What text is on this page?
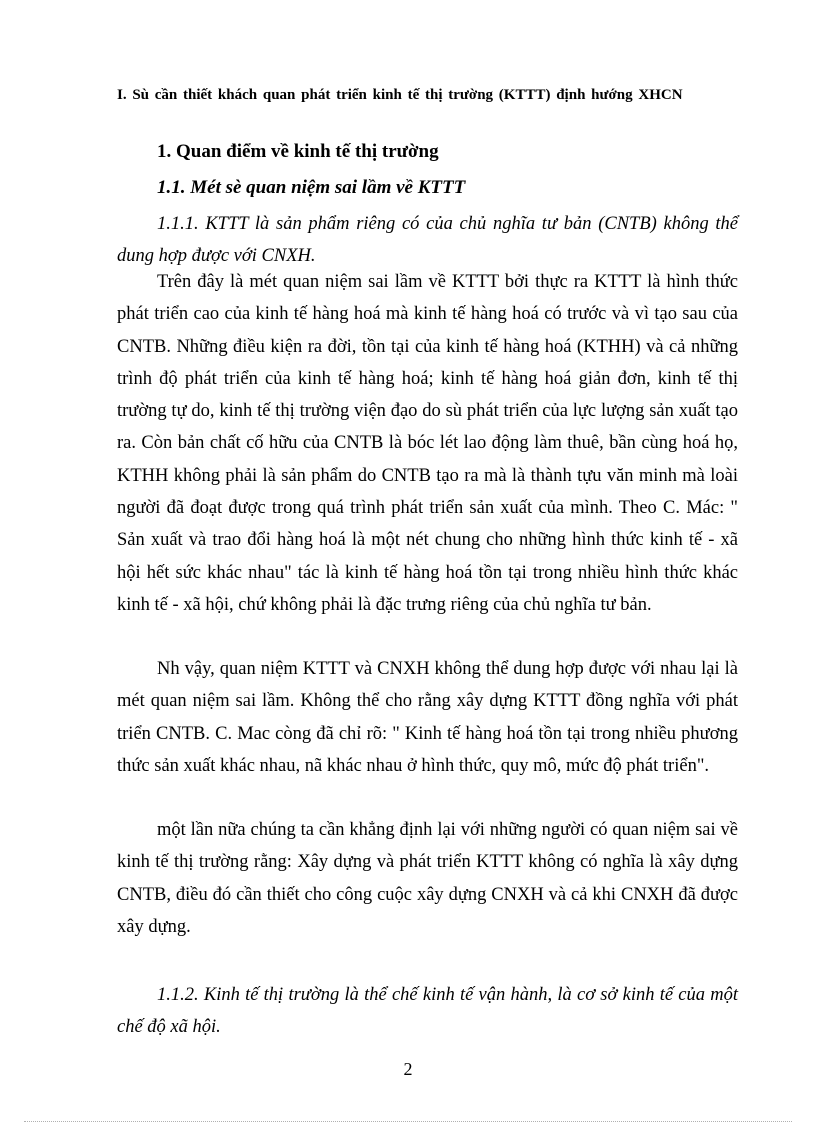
I. Sù cần thiết khách quan phát triển kinh tế thị trường (KTTT) định hướng XHCN

1. Quan điểm về kinh tế thị trường

1.1. Mét sè quan niệm sai lầm về KTTT

1.1.1. KTTT là sản phẩm riêng có của chủ nghĩa tư bản (CNTB) không thể dung hợp được với CNXH.

Trên đây là mét quan niệm sai lầm về KTTT bởi thực ra KTTT là hình thức phát triển cao của kinh tế hàng hoá mà kinh tế hàng hoá có trước và vì tạo sau của CNTB. Những điều kiện ra đời, tồn tại của kinh tế hàng hoá (KTHH) và cả những trình độ phát triển của kinh tế hàng hoá; kinh tế hàng hoá giản đơn, kinh tế thị trường tự do, kinh tế thị trường viện đạo do sù phát triển của lực lượng sản xuất tạo ra. Còn bản chất cố hữu của CNTB là bóc lét lao động làm thuê, bần cùng hoá họ, KTHH không phải là sản phẩm do CNTB tạo ra mà là thành tựu văn minh mà loài người đã đoạt được trong quá trình phát triển sản xuất của mình. Theo C. Mác: " Sản xuất và trao đổi hàng hoá là một nét chung cho những hình thức kinh tế - xã hội hết sức khác nhau" tác là kinh tế hàng hoá tồn tại trong nhiều hình thức khác kinh tế - xã hội, chứ không phải là đặc trưng riêng của chủ nghĩa tư bản.

Nh vậy, quan niệm KTTT và CNXH không thể dung hợp được với nhau lại là mét quan niệm sai lầm. Không thể cho rằng xây dựng KTTT đồng nghĩa với phát triển CNTB. C. Mac còng đã chỉ rõ: " Kinh tế hàng hoá tồn tại trong nhiều phương thức sản xuất khác nhau, nã khác nhau ở hình thức, quy mô, mức độ phát triển".

một lần nữa chúng ta cần khẳng định lại với những người có quan niệm sai về kinh tế thị trường rằng: Xây dựng và phát triển KTTT không có nghĩa là xây dựng CNTB, điều đó cần thiết cho công cuộc xây dựng CNXH và cả khi CNXH đã được xây dựng.

1.1.2. Kinh tế thị trường là thể chế kinh tế vận hành, là cơ sở kinh tế của một chế độ xã hội.

2
